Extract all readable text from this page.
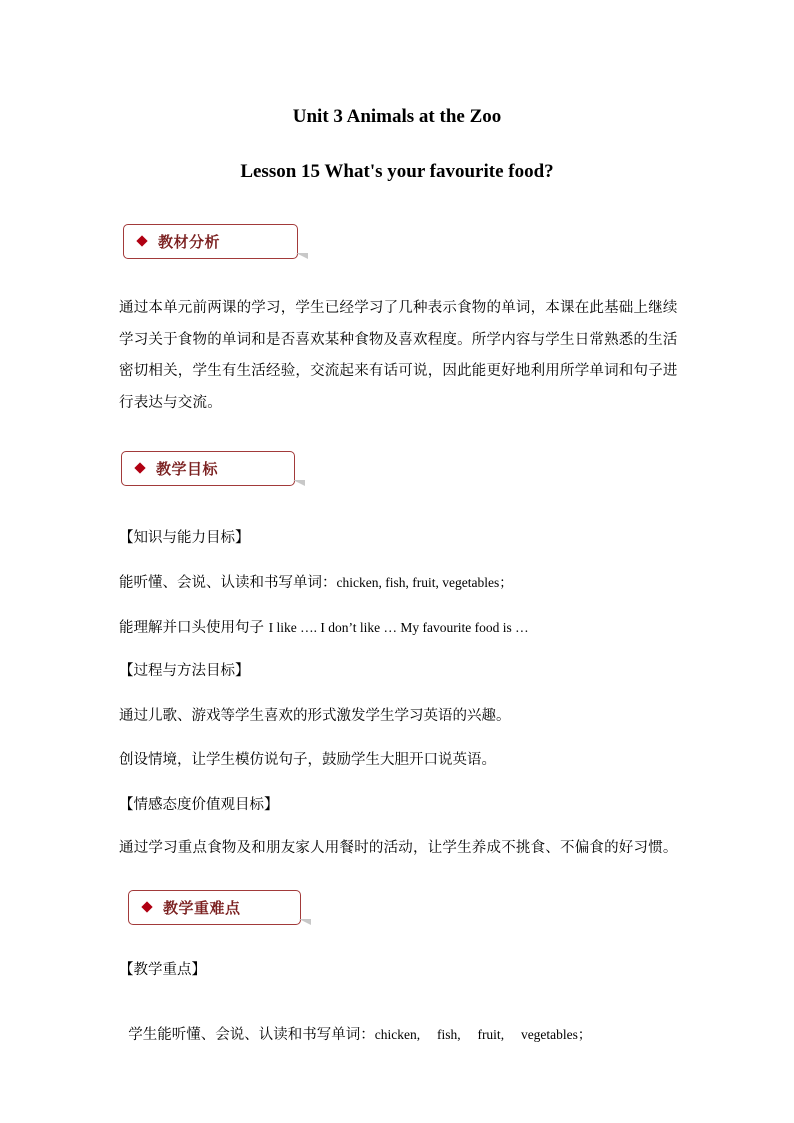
Unit 3 Animals at the Zoo
Lesson 15 What's your favourite food?
教材分析

通过本单元前两课的学习，学生已经学习了几种表示食物的单词，本课在此基础上继续学习关于食物的单词和是否喜欢某种食物及喜欢程度。所学内容与学生日常熟悉的生活密切相关，学生有生活经验，交流起来有话可说，因此能更好地利用所学单词和句子进行表达与交流。

教学目标

【知识与能力目标】

能听懂、会说、认读和书写单词：chicken, fish, fruit, vegetables；

能理解并口头使用句子 I like …. I don’t like … My favourite food is …

【过程与方法目标】

通过儿歌、游戏等学生喜欢的形式激发学生学习英语的兴趣。

创设情境，让学生模仿说句子，鼓励学生大胆开口说英语。

【情感态度价值观目标】

通过学习重点食物及和朋友家人用餐时的活动，让学生养成不挑食、不偏食的好习惯。

教学重难点

【教学重点】

学生能听懂、会说、认读和书写单词：chicken,     fish,     fruit,     vegetables；
